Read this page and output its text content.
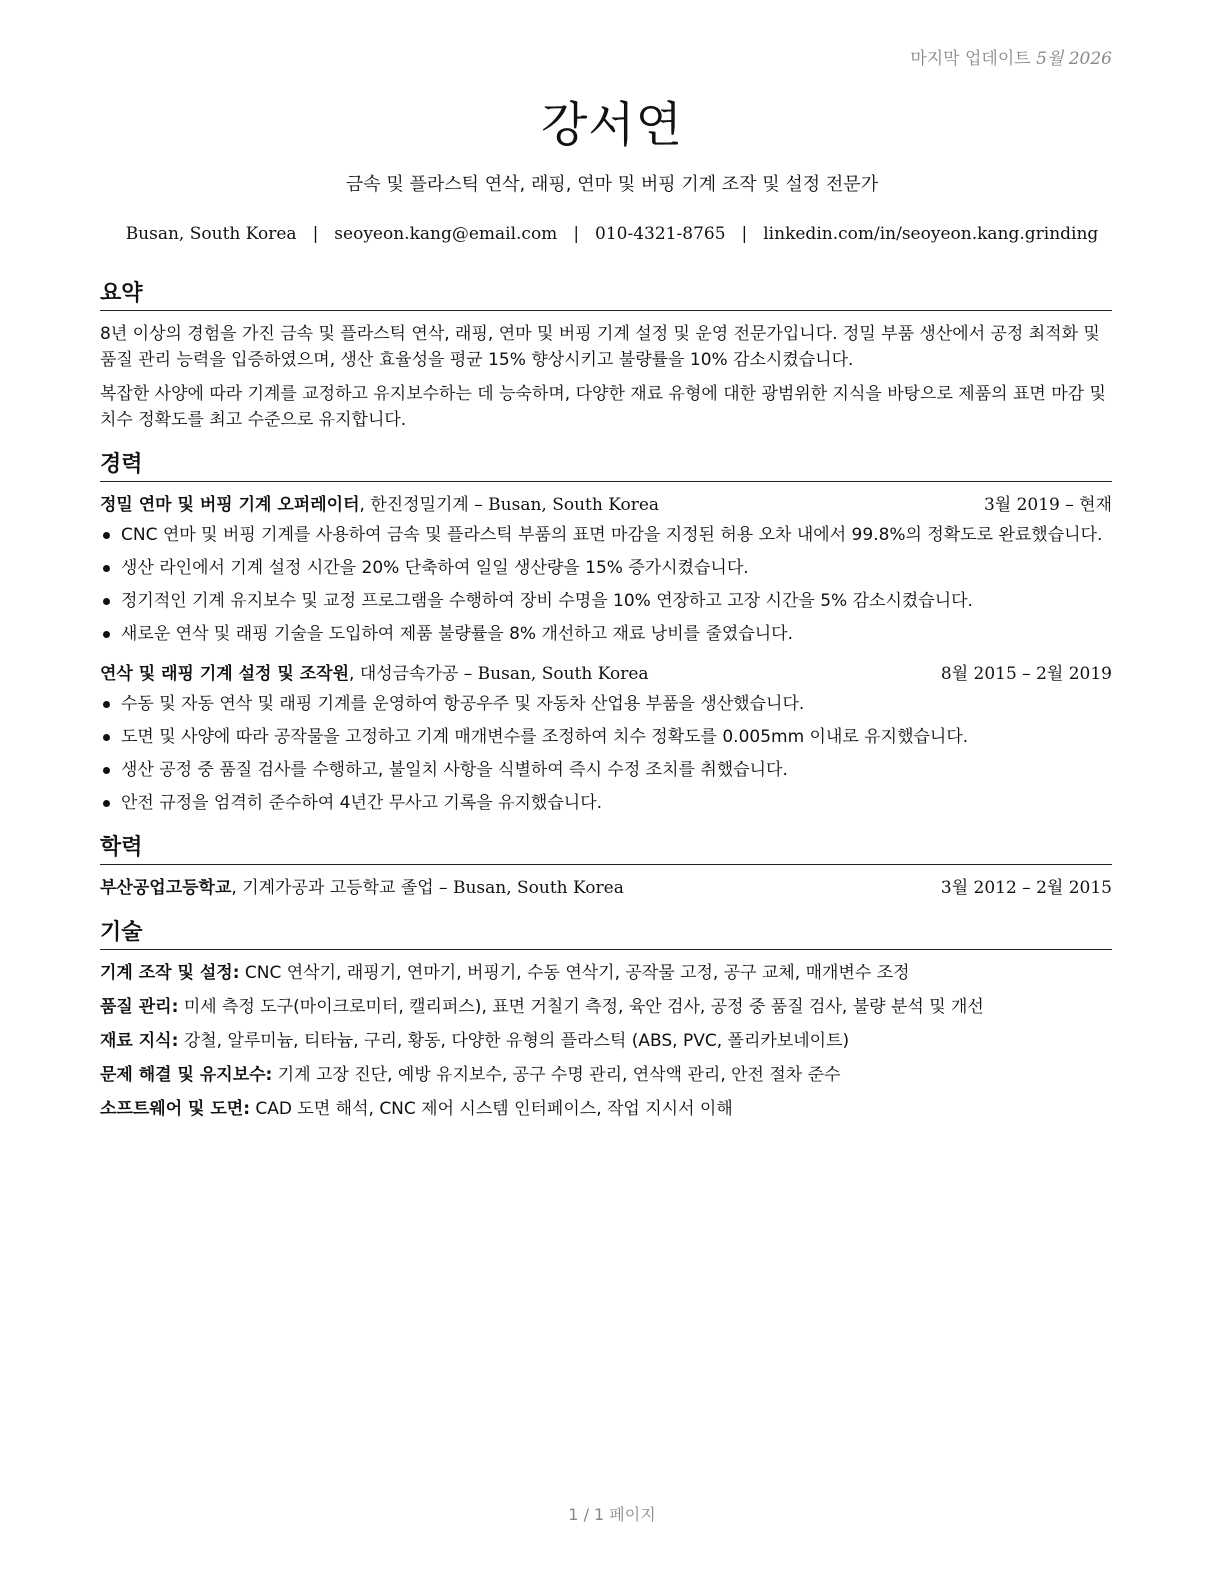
마지막 업데이트 5월 2026
강서연
금속 및 플라스틱 연삭, 래핑, 연마 및 버핑 기계 조작 및 설정 전문가
Busan, South Korea | seoyeon.kang@email.com | 010-4321-8765 | linkedin.com/in/seoyeon.kang.grinding
요약

8년 이상의 경험을 가진 금속 및 플라스틱 연삭, 래핑, 연마 및 버핑 기계 설정 및 운영 전문가입니다. 정밀 부품 생산에서 공정 최적화 및 품질 관리 능력을 입증하였으며, 생산 효율성을 평균 15% 향상시키고 불량률을 10% 감소시켰습니다.

복잡한 사양에 따라 기계를 교정하고 유지보수하는 데 능숙하며, 다양한 재료 유형에 대한 광범위한 지식을 바탕으로 제품의 표면 마감 및 치수 정확도를 최고 수준으로 유지합니다.

경력
정밀 연마 및 버핑 기계 오퍼레이터, 한진정밀기계 – Busan, South Korea	3월 2019 – 현재
CNC 연마 및 버핑 기계를 사용하여 금속 및 플라스틱 부품의 표면 마감을 지정된 허용 오차 내에서 99.8%의 정확도로 완료했습니다.
생산 라인에서 기계 설정 시간을 20% 단축하여 일일 생산량을 15% 증가시켰습니다.
정기적인 기계 유지보수 및 교정 프로그램을 수행하여 장비 수명을 10% 연장하고 고장 시간을 5% 감소시켰습니다.
새로운 연삭 및 래핑 기술을 도입하여 제품 불량률을 8% 개선하고 재료 낭비를 줄였습니다.
연삭 및 래핑 기계 설정 및 조작원, 대성금속가공 – Busan, South Korea	8월 2015 – 2월 2019
수동 및 자동 연삭 및 래핑 기계를 운영하여 항공우주 및 자동차 산업용 부품을 생산했습니다.
도면 및 사양에 따라 공작물을 고정하고 기계 매개변수를 조정하여 치수 정확도를 0.005mm 이내로 유지했습니다.
생산 공정 중 품질 검사를 수행하고, 불일치 사항을 식별하여 즉시 수정 조치를 취했습니다.
안전 규정을 엄격히 준수하여 4년간 무사고 기록을 유지했습니다.
학력
부산공업고등학교, 기계가공과 고등학교 졸업 – Busan, South Korea	3월 2012 – 2월 2015
기술
기계 조작 및 설정: CNC 연삭기, 래핑기, 연마기, 버핑기, 수동 연삭기, 공작물 고정, 공구 교체, 매개변수 조정
품질 관리: 미세 측정 도구(마이크로미터, 캘리퍼스), 표면 거칠기 측정, 육안 검사, 공정 중 품질 검사, 불량 분석 및 개선
재료 지식: 강철, 알루미늄, 티타늄, 구리, 황동, 다양한 유형의 플라스틱 (ABS, PVC, 폴리카보네이트)
문제 해결 및 유지보수: 기계 고장 진단, 예방 유지보수, 공구 수명 관리, 연삭액 관리, 안전 절차 준수
소프트웨어 및 도면: CAD 도면 해석, CNC 제어 시스템 인터페이스, 작업 지시서 이해
1 / 1 페이지
